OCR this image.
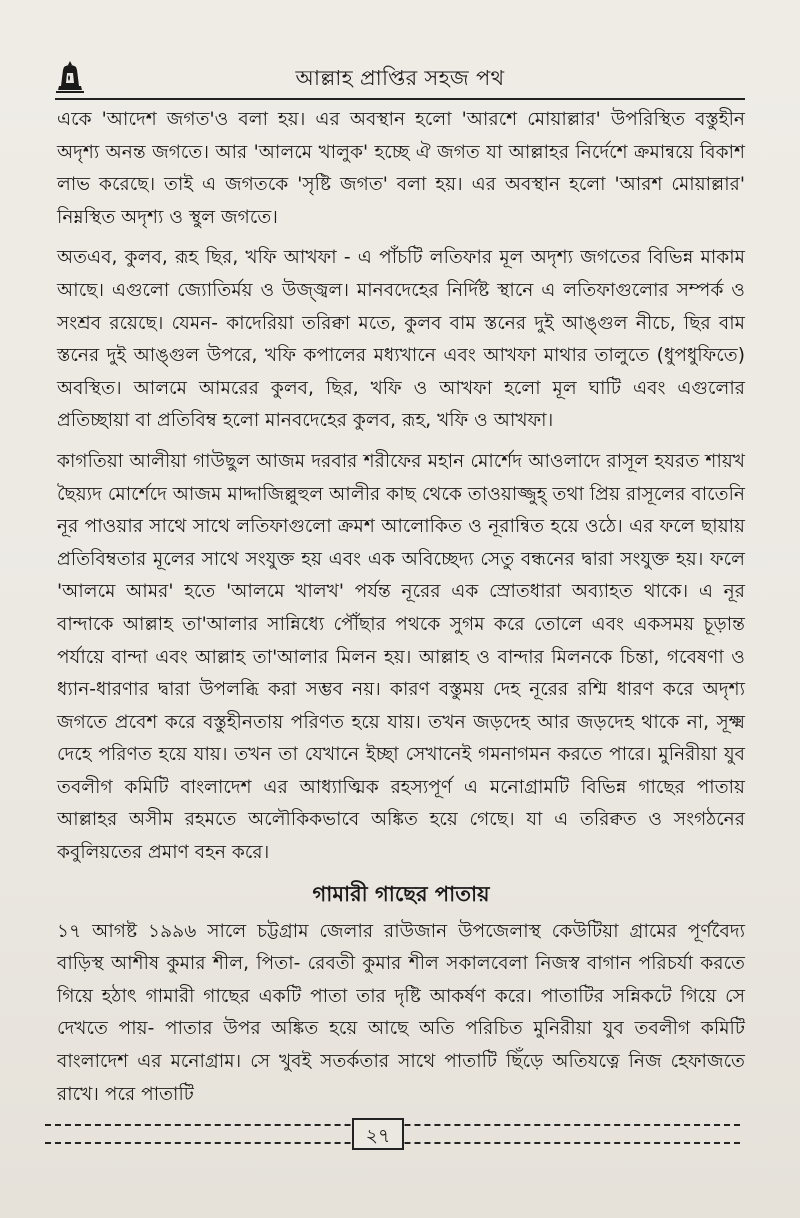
আল্লাহ প্রাপ্তির সহজ পথ

একে 'আদেশ জগত'ও বলা হয়। এর অবস্থান হলো 'আরশে মোয়াল্লার' উপরিস্থিত বস্তুহীন অদৃশ্য অনন্ত জগতে। আর 'আলমে খালুক' হচ্ছে ঐ জগত যা আল্লাহর নির্দেশে ক্রমান্বয়ে বিকাশ লাভ করেছে। তাই এ জগতকে 'সৃষ্টি জগত' বলা হয়। এর অবস্থান হলো 'আরশ মোয়াল্লার' নিম্নস্থিত অদৃশ্য ও স্থুল জগতে।

অতএব, কুলব, রূহ ছির, খফি আখফা - এ পাঁচটি লতিফার মূল অদৃশ্য জগতের বিভিন্ন মাকাম আছে। এগুলো জ্যোতির্ময় ও উজ্জ্বল। মানবদেহের নির্দিষ্ট স্থানে এ লতিফাগুলোর সম্পর্ক ও সংশ্রব রয়েছে। যেমন- কাদেরিয়া তরিক্বা মতে, কুলব বাম স্তনের দুই আঙ্গুল নীচে, ছির বাম স্তনের দুই আঙ্গুল উপরে, খফি কপালের মধ্যখানে এবং আখফা মাথার তালুতে (ধুপধুফিতে) অবস্থিত। আলমে আমরের কুলব, ছির, খফি ও আখফা হলো মূল ঘাটি এবং এগুলোর প্রতিচ্ছায়া বা প্রতিবিম্ব হলো মানবদেহের কুলব, রূহ, খফি ও আখফা।

কাগতিয়া আলীয়া গাউছুল আজম দরবার শরীফের মহান মোর্শেদ আওলাদে রাসূল হযরত শায়খ ছৈয়্যদ মোর্শেদে আজম মাদ্দাজিল্লুহুল আলীর কাছ থেকে তাওয়াজ্জুহ্ তথা প্রিয় রাসূলের বাতেনি নূর পাওয়ার সাথে সাথে লতিফাগুলো ক্রমশ আলোকিত ও নূরান্বিত হয়ে ওঠে। এর ফলে ছায়ায় প্রতিবিম্বতার মূলের সাথে সংযুক্ত হয় এবং এক অবিচ্ছেদ্য সেতু বন্ধনের দ্বারা সংযুক্ত হয়। ফলে 'আলমে আমর' হতে 'আলমে খালখ' পর্যন্ত নূরের এক স্রোতধারা অব্যাহত থাকে। এ নূর বান্দাকে আল্লাহ তা'আলার সান্নিধ্যে পৌঁছার পথকে সুগম করে তোলে এবং একসময় চূড়ান্ত পর্যায়ে বান্দা এবং আল্লাহ তা'আলার মিলন হয়। আল্লাহ ও বান্দার মিলনকে চিন্তা, গবেষণা ও ধ্যান-ধারণার দ্বারা উপলব্ধি করা সম্ভব নয়। কারণ বস্তুময় দেহ নূরের রশ্মি ধারণ করে অদৃশ্য জগতে প্রবেশ করে বস্তুহীনতায় পরিণত হয়ে যায়। তখন জড়দেহ আর জড়দেহ থাকে না, সূক্ষ্ম দেহে পরিণত হয়ে যায়। তখন তা যেখানে ইচ্ছা সেখানেই গমনাগমন করতে পারে। মুনিরীয়া যুব তবলীগ কমিটি বাংলাদেশ এর আধ্যাত্মিক রহস্যপূর্ণ এ মনোগ্রামটি বিভিন্ন গাছের পাতায় আল্লাহর অসীম রহমতে অলৌকিকভাবে অঙ্কিত হয়ে গেছে। যা এ তরিক্বত ও সংগঠনের কবুলিয়তের প্রমাণ বহন করে।

গামারী গাছের পাতায়

১৭ আগষ্ট ১৯৯৬ সালে চট্টগ্রাম জেলার রাউজান উপজেলাস্থ কেউটিয়া গ্রামের পূর্ণবৈদ্য বাড়িস্থ আশীষ কুমার শীল, পিতা- রেবতী কুমার শীল সকালবেলা নিজস্ব বাগান পরিচর্যা করতে গিয়ে হঠাৎ গামারী গাছের একটি পাতা তার দৃষ্টি আকর্ষণ করে। পাতাটির সন্নিকটে গিয়ে সে দেখতে পায়- পাতার উপর অঙ্কিত হয়ে আছে অতি পরিচিত মুনিরীয়া যুব তবলীগ কমিটি বাংলাদেশ এর মনোগ্রাম। সে খুবই সতর্কতার সাথে পাতাটি ছিঁড়ে অতিযত্নে নিজ হেফাজতে রাখে। পরে পাতাটি

২৭
